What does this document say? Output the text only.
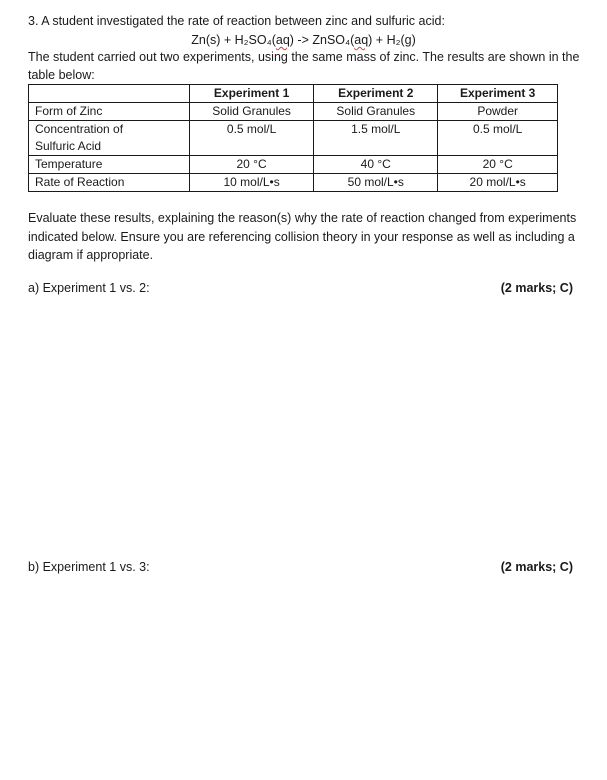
3. A student investigated the rate of reaction between zinc and sulfuric acid:
Zn(s) + H₂SO₄(aq) -> ZnSO₄(aq) + H₂(g)
The student carried out two experiments, using the same mass of zinc. The results are shown in the table below:
	Experiment 1	Experiment 2	Experiment 3
Form of Zinc	Solid Granules	Solid Granules	Powder
Concentration of	0.5 mol/L	1.5 mol/L	0.5 mol/L
Sulfuric Acid			
Temperature	20 °C	40 °C	20 °C
Rate of Reaction	10 mol/L•s	50 mol/L•s	20 mol/L•s
Evaluate these results, explaining the reason(s) why the rate of reaction changed from experiments indicated below. Ensure you are referencing collision theory in your response as well as including a diagram if appropriate.
a) Experiment 1 vs. 2:	(2 marks; C)
b) Experiment 1 vs. 3:	(2 marks; C)
